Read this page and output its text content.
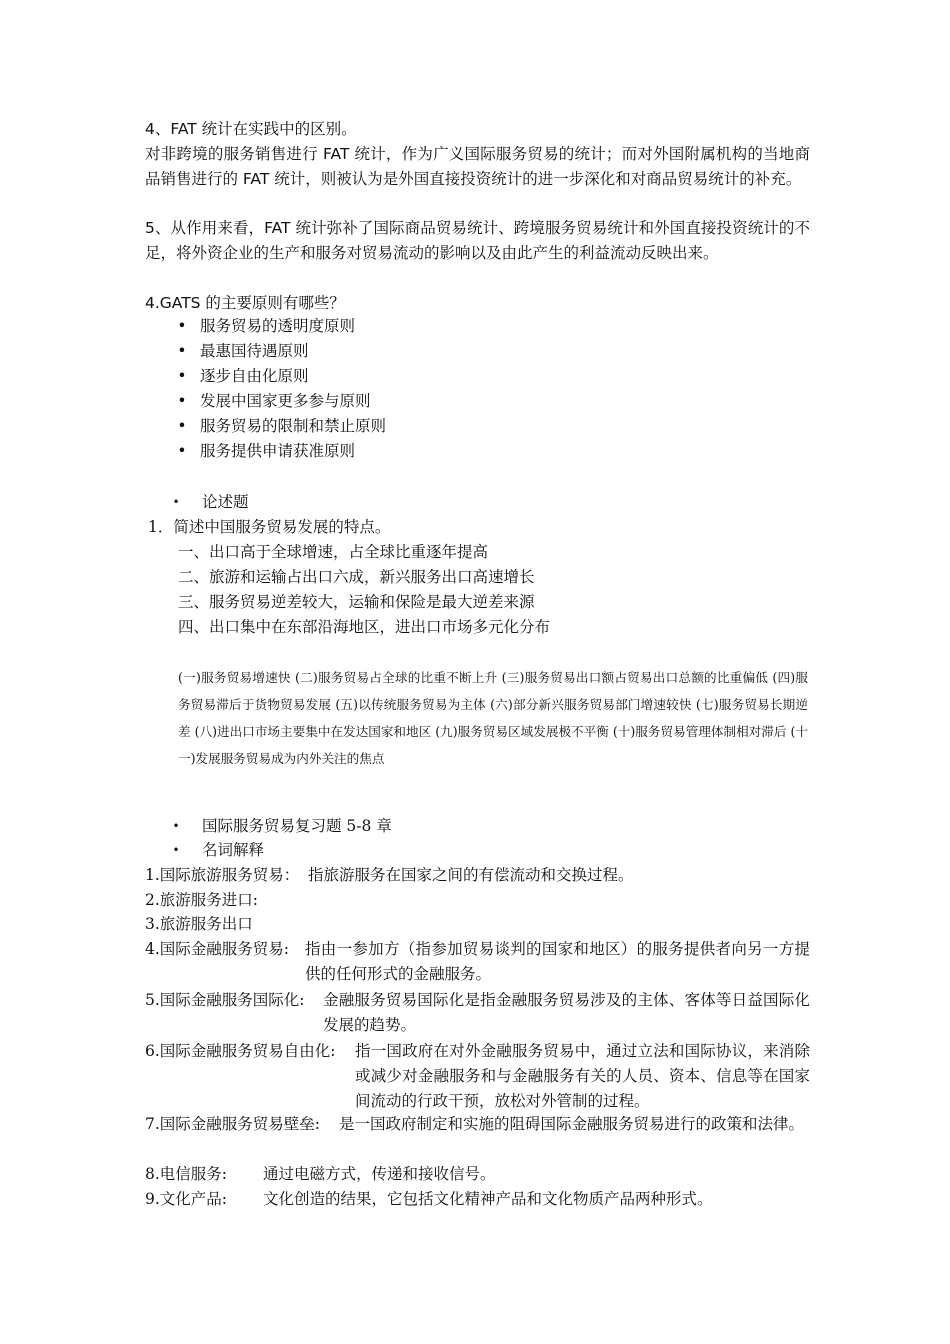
4、FAT 统计在实践中的区别。

对非跨境的服务销售进行 FAT 统计，作为广义国际服务贸易的统计；而对外国附属机构的当地商品销售进行的 FAT 统计，则被认为是外国直接投资统计的进一步深化和对商品贸易统计的补充。

5、从作用来看，FAT 统计弥补了国际商品贸易统计、跨境服务贸易统计和外国直接投资统计的不足，将外资企业的生产和服务对贸易流动的影响以及由此产生的利益流动反映出来。

4.GATS 的主要原则有哪些？

• 服务贸易的透明度原则
• 最惠国待遇原则
• 逐步自由化原则
• 发展中国家更多参与原则
• 服务贸易的限制和禁止原则
• 服务提供申请获准原则
•	论述题
1．简述中国服务贸易发展的特点。
一、出口高于全球增速，占全球比重逐年提高
二、旅游和运输占出口六成，新兴服务出口高速增长
三、服务贸易逆差较大，运输和保险是最大逆差来源
四、出口集中在东部沿海地区，进出口市场多元化分布

(一)服务贸易增速快 (二)服务贸易占全球的比重不断上升 (三)服务贸易出口额占贸易出口总额的比重偏低 (四)服务贸易滞后于货物贸易发展 (五)以传统服务贸易为主体 (六)部分新兴服务贸易部门增速较快 (七)服务贸易长期逆差 (八)进出口市场主要集中在发达国家和地区 (九)服务贸易区域发展极不平衡 (十)服务贸易管理体制相对滞后 (十一)发展服务贸易成为内外关注的焦点

•	国际服务贸易复习题 5-8 章
•	名词解释
1.国际旅游服务贸易： 指旅游服务在国家之间的有偿流动和交换过程。
2.旅游服务进口:
3.旅游服务出口
4.国际金融服务贸易: 指由一参加方（指参加贸易谈判的国家和地区）的服务提供者向另一方提供的任何形式的金融服务。
5.国际金融服务国际化: 金融服务贸易国际化是指金融服务贸易涉及的主体、客体等日益国际化发展的趋势。
6.国际金融服务贸易自由化: 指一国政府在对外金融服务贸易中，通过立法和国际协议，来消除或减少对金融服务和与金融服务有关的人员、资本、信息等在国家间流动的行政干预，放松对外管制的过程。
7.国际金融服务贸易壁垒: 是一国政府制定和实施的阻碍国际金融服务贸易进行的政策和法律。
8.电信服务: 通过电磁方式，传递和接收信号。
9.文化产品: 文化创造的结果，它包括文化精神产品和文化物质产品两种形式。
